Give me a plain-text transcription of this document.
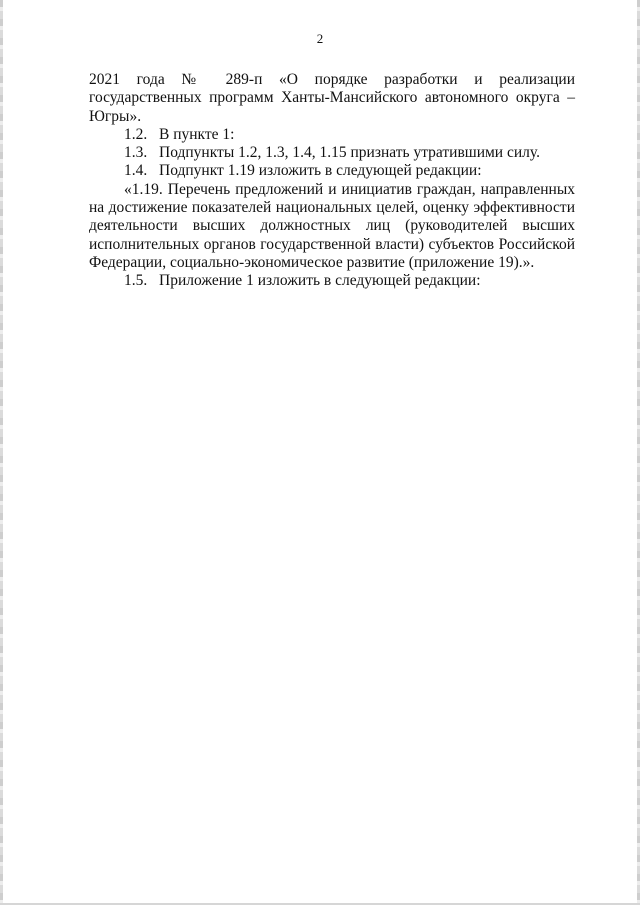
2

2021 года № 289-п «О порядке разработки и реализации государственных программ Ханты-Мансийского автономного округа – Югры».

1.2. В пункте 1:
1.3. Подпункты 1.2, 1.3, 1.4, 1.15 признать утратившими силу.
1.4. Подпункт 1.19 изложить в следующей редакции:

«1.19. Перечень предложений и инициатив граждан, направленных на достижение показателей национальных целей, оценку эффективности деятельности высших должностных лиц (руководителей высших исполнительных органов государственной власти) субъектов Российской Федерации, социально-экономическое развитие (приложение 19).».

1.5. Приложение 1 изложить в следующей редакции:
